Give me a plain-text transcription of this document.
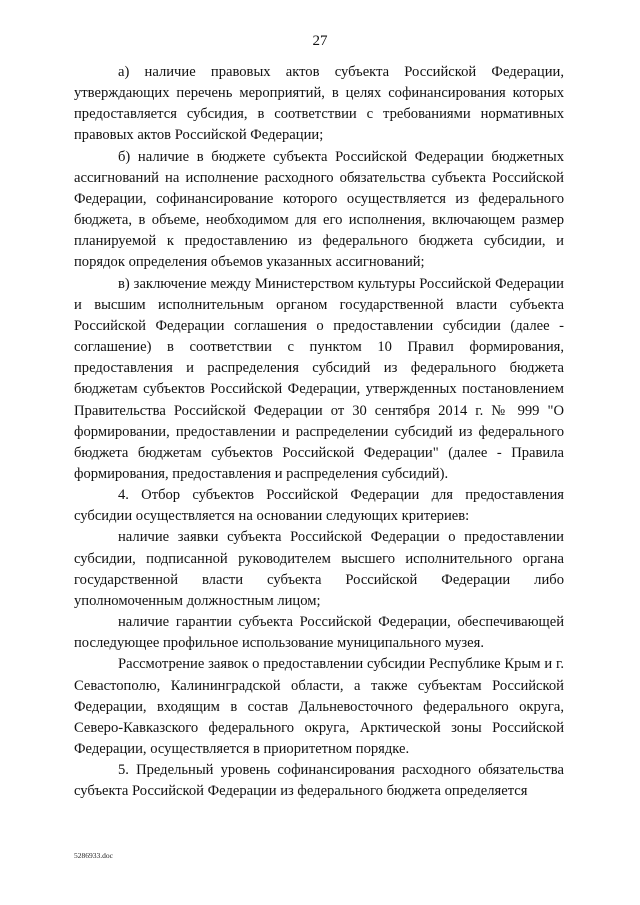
27

а) наличие правовых актов субъекта Российской Федерации, утверждающих перечень мероприятий, в целях софинансирования которых предоставляется субсидия, в соответствии с требованиями нормативных правовых актов Российской Федерации;

б) наличие в бюджете субъекта Российской Федерации бюджетных ассигнований на исполнение расходного обязательства субъекта Российской Федерации, софинансирование которого осуществляется из федерального бюджета, в объеме, необходимом для его исполнения, включающем размер планируемой к предоставлению из федерального бюджета субсидии, и порядок определения объемов указанных ассигнований;

в) заключение между Министерством культуры Российской Федерации и высшим исполнительным органом государственной власти субъекта Российской Федерации соглашения о предоставлении субсидии (далее - соглашение) в соответствии с пунктом 10 Правил формирования, предоставления и распределения субсидий из федерального бюджета бюджетам субъектов Российской Федерации, утвержденных постановлением Правительства Российской Федерации от 30 сентября 2014 г. № 999 "О формировании, предоставлении и распределении субсидий из федерального бюджета бюджетам субъектов Российской Федерации" (далее - Правила формирования, предоставления и распределения субсидий).

4. Отбор субъектов Российской Федерации для предоставления субсидии осуществляется на основании следующих критериев:

наличие заявки субъекта Российской Федерации о предоставлении субсидии, подписанной руководителем высшего исполнительного органа государственной власти субъекта Российской Федерации либо уполномоченным должностным лицом;

наличие гарантии субъекта Российской Федерации, обеспечивающей последующее профильное использование муниципального музея.

Рассмотрение заявок о предоставлении субсидии Республике Крым и г. Севастополю, Калининградской области, а также субъектам Российской Федерации, входящим в состав Дальневосточного федерального округа, Северо-Кавказского федерального округа, Арктической зоны Российской Федерации, осуществляется в приоритетном порядке.

5. Предельный уровень софинансирования расходного обязательства субъекта Российской Федерации из федерального бюджета определяется

5286933.doc
